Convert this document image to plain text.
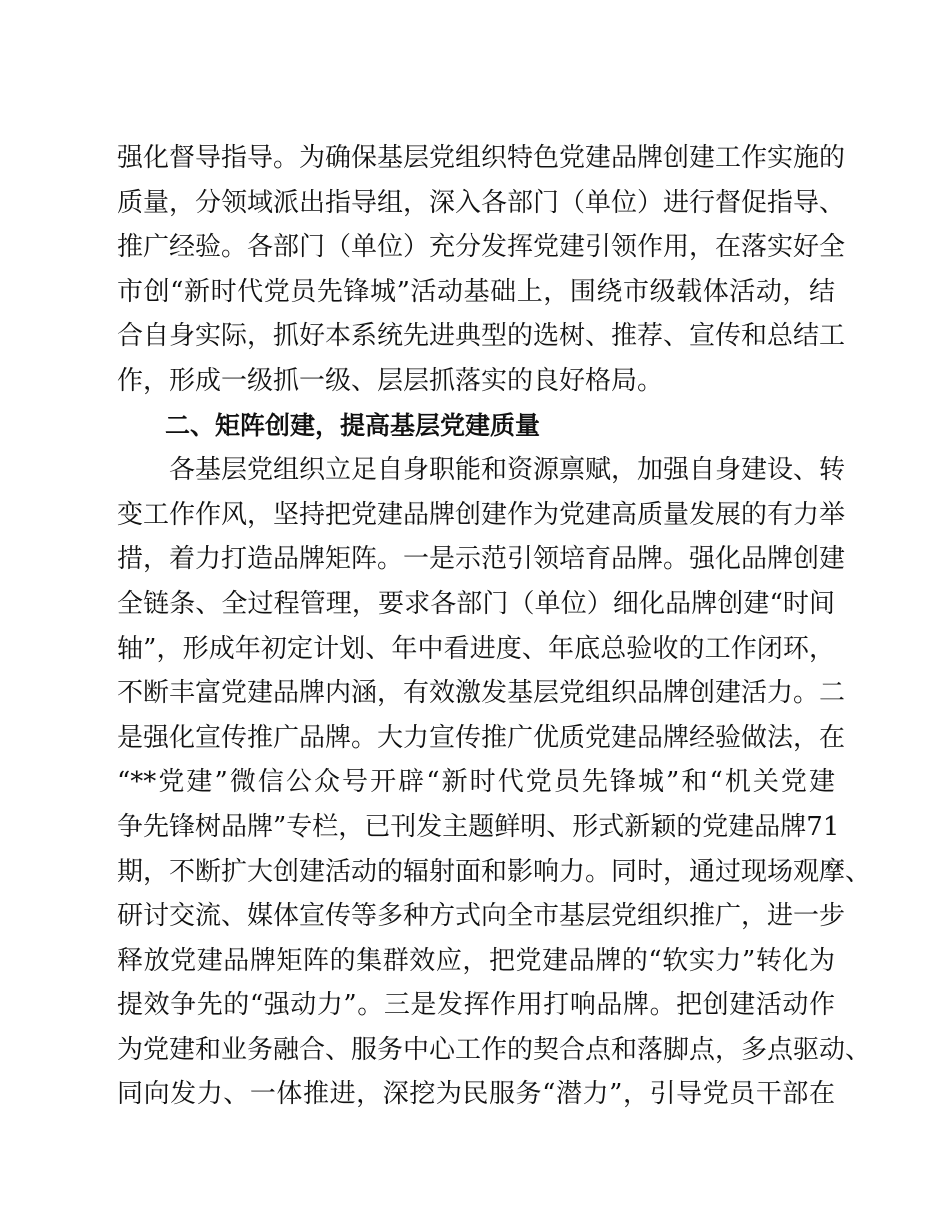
强化督导指导。为确保基层党组织特色党建品牌创建工作实施的
质量，分领域派出指导组，深入各部门（单位）进行督促指导、
推广经验。各部门（单位）充分发挥党建引领作用，在落实好全
市创“新时代党员先锋城”活动基础上，围绕市级载体活动，结
合自身实际，抓好本系统先进典型的选树、推荐、宣传和总结工
作，形成一级抓一级、层层抓落实的良好格局。
二、矩阵创建，提高基层党建质量
各基层党组织立足自身职能和资源禀赋，加强自身建设、转
变工作作风，坚持把党建品牌创建作为党建高质量发展的有力举
措，着力打造品牌矩阵。一是示范引领培育品牌。强化品牌创建
全链条、全过程管理，要求各部门（单位）细化品牌创建“时间
轴”，形成年初定计划、年中看进度、年底总验收的工作闭环，
不断丰富党建品牌内涵，有效激发基层党组织品牌创建活力。二
是强化宣传推广品牌。大力宣传推广优质党建品牌经验做法，在
“**党建”微信公众号开辟“新时代党员先锋城”和“机关党建
争先锋树品牌”专栏，已刊发主题鲜明、形式新颖的党建品牌71
期，不断扩大创建活动的辐射面和影响力。同时，通过现场观摩、
研讨交流、媒体宣传等多种方式向全市基层党组织推广，进一步
释放党建品牌矩阵的集群效应，把党建品牌的“软实力”转化为
提效争先的“强动力”。三是发挥作用打响品牌。把创建活动作
为党建和业务融合、服务中心工作的契合点和落脚点，多点驱动、
同向发力、一体推进，深挖为民服务“潜力”，引导党员干部在
